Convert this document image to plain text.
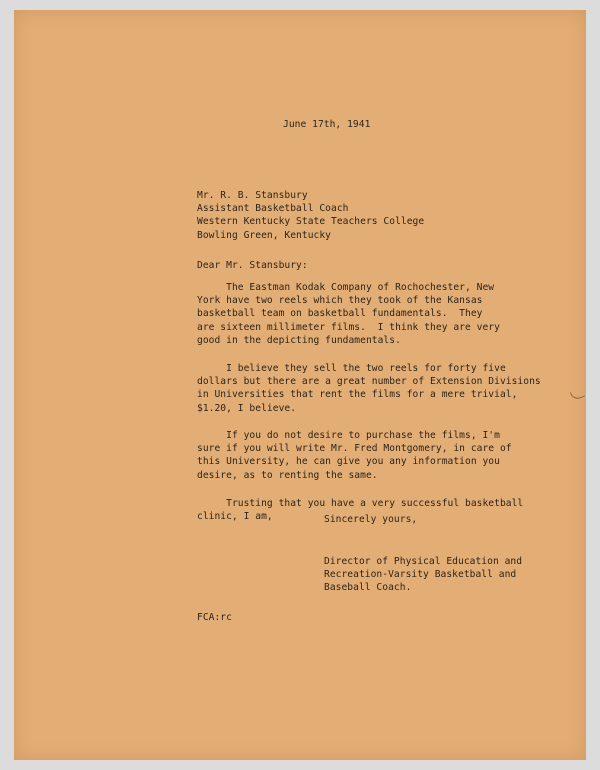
June 17th, 1941
Mr. R. B. Stansbury
Assistant Basketball Coach
Western Kentucky State Teachers College
Bowling Green, Kentucky
Dear Mr. Stansbury:
The Eastman Kodak Company of Rochochester, New
York have two reels which they took of the Kansas
basketball team on basketball fundamentals.  They
are sixteen millimeter films.  I think they are very
good in the depicting fundamentals.
I believe they sell the two reels for forty five
dollars but there are a great number of Extension Divisions
in Universities that rent the films for a mere trivial,
$1.20, I believe.
If you do not desire to purchase the films, I'm
sure if you will write Mr. Fred Montgomery, in care of
this University, he can give you any information you
desire, as to renting the same.
Trusting that you have a very successful basketball
clinic, I am,	Sincerely yours,
Director of Physical Education and
Recreation-Varsity Basketball and
Baseball Coach.
FCA:rc
